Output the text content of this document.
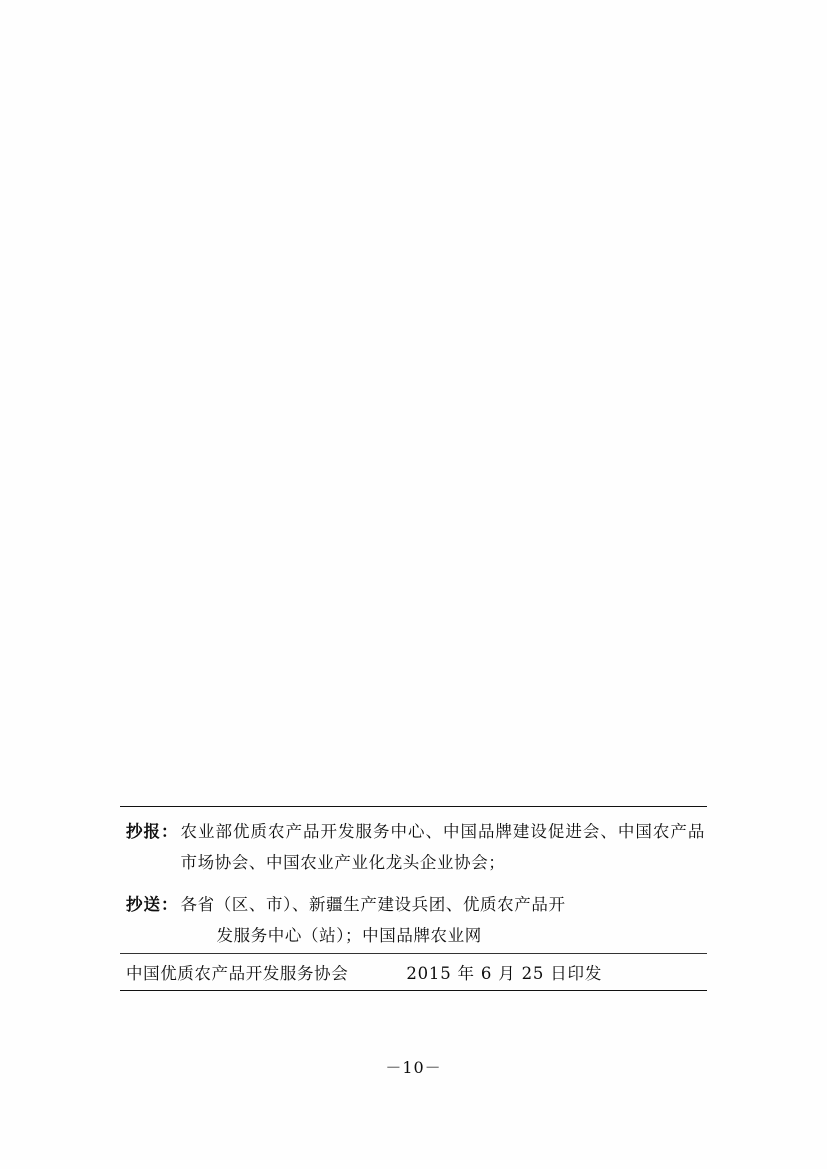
抄报： 农业部优质农产品开发服务中心、中国品牌建设促进会、中国农产品市场协会、中国农业产业化龙头企业协会；
抄送： 各省（区、市）、新疆生产建设兵团、优质农产品开
发服务中心（站）；中国品牌农业网
中国优质农产品开发服务协会	2015 年 6 月 25 日印发
－10－
